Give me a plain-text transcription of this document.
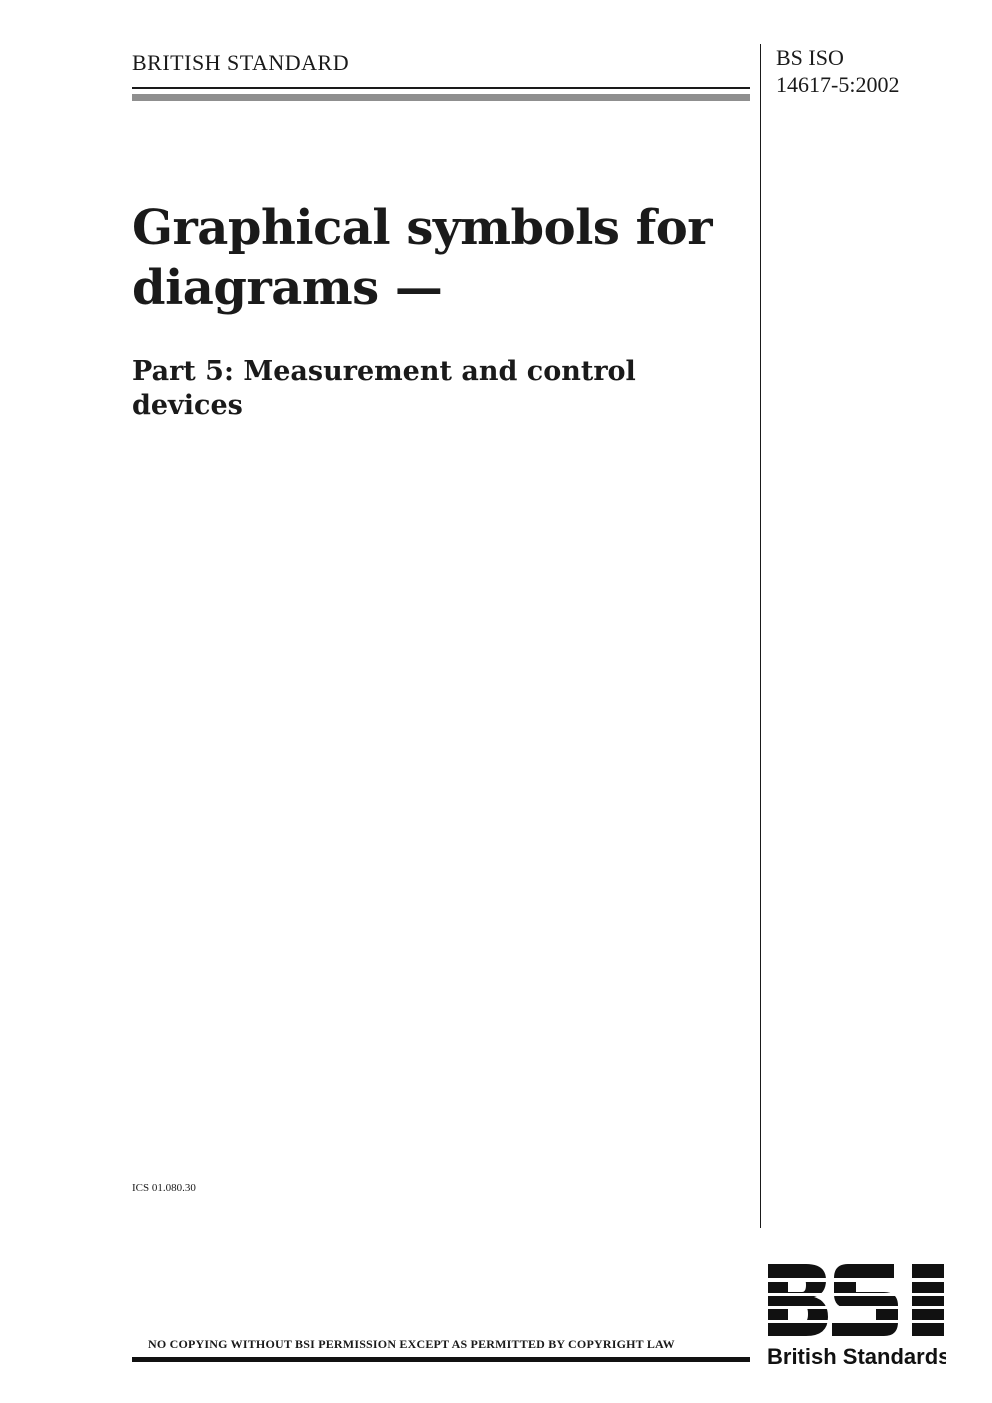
BRITISH STANDARD	BS ISO
14617-5:2002
Graphical symbols for diagrams —
Part 5: Measurement and control devices
ICS 01.080.30
NO COPYING WITHOUT BSI PERMISSION EXCEPT AS PERMITTED BY COPYRIGHT LAW	British Standards
